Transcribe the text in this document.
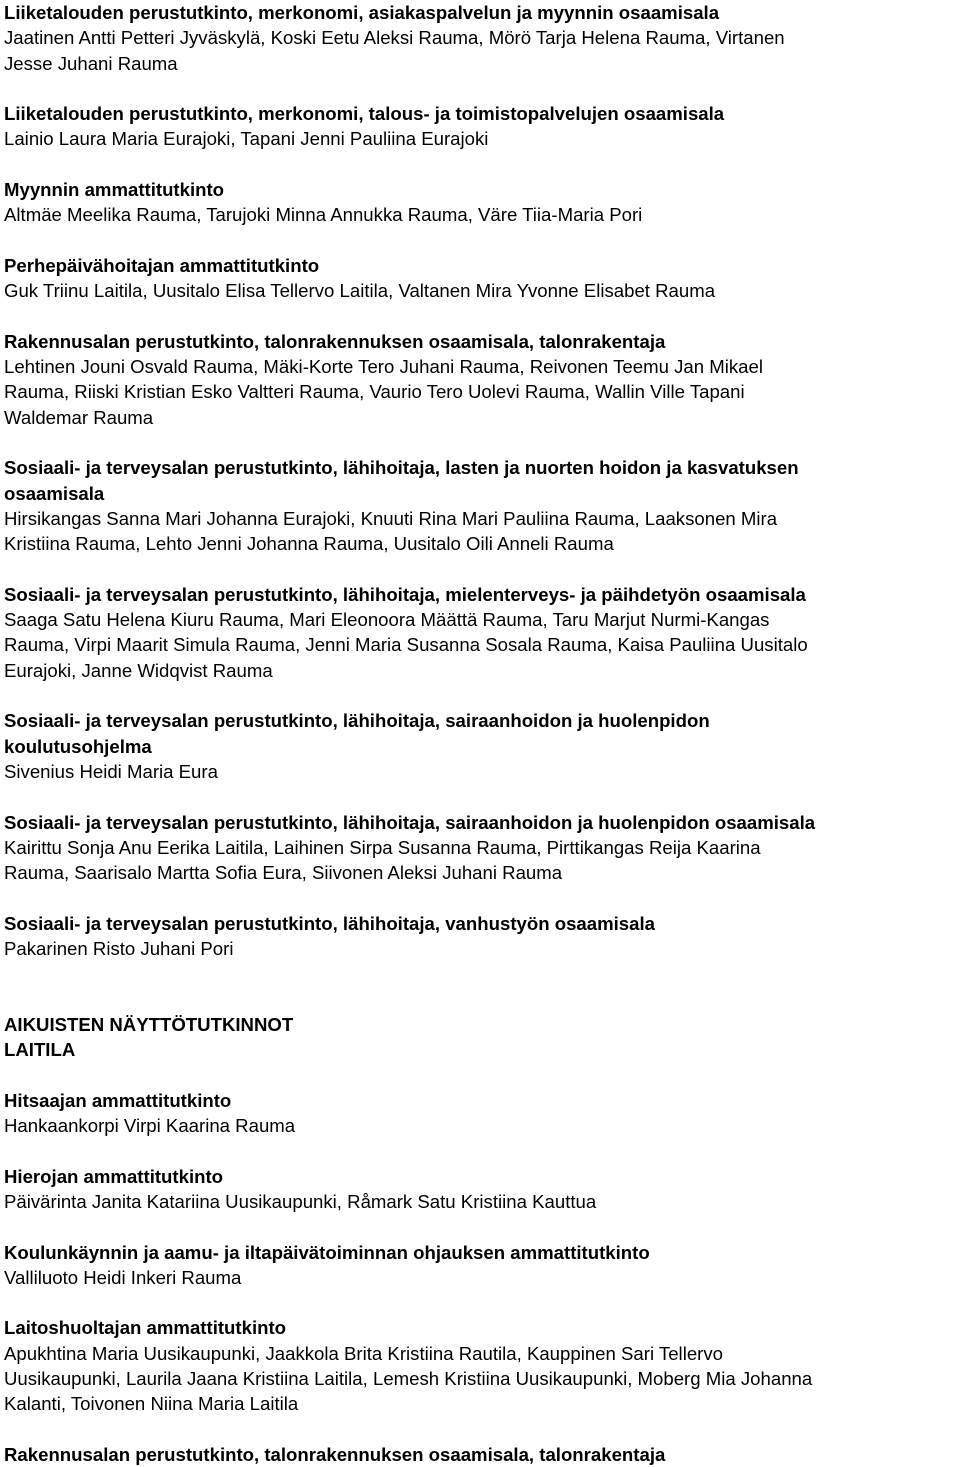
Liiketalouden perustutkinto, merkonomi, asiakaspalvelun ja myynnin osaamisala
Jaatinen Antti Petteri Jyväskylä, Koski Eetu Aleksi Rauma, Mörö Tarja Helena Rauma, Virtanen
Jesse Juhani Rauma
Liiketalouden perustutkinto, merkonomi, talous- ja toimistopalvelujen osaamisala
Lainio Laura Maria Eurajoki, Tapani Jenni Pauliina Eurajoki
Myynnin ammattitutkinto
Altmäe Meelika Rauma, Tarujoki Minna Annukka Rauma, Väre Tiia-Maria Pori
Perhepäivähoitajan ammattitutkinto
Guk Triinu Laitila, Uusitalo Elisa Tellervo Laitila, Valtanen Mira Yvonne Elisabet Rauma
Rakennusalan perustutkinto, talonrakennuksen osaamisala, talonrakentaja
Lehtinen Jouni Osvald Rauma, Mäki-Korte Tero Juhani Rauma, Reivonen Teemu Jan Mikael
Rauma, Riiski Kristian Esko Valtteri Rauma, Vaurio Tero Uolevi Rauma, Wallin Ville Tapani
Waldemar Rauma
Sosiaali- ja terveysalan perustutkinto, lähihoitaja, lasten ja nuorten hoidon ja kasvatuksen
osaamisala
Hirsikangas Sanna Mari Johanna Eurajoki, Knuuti Rina Mari Pauliina Rauma, Laaksonen Mira
Kristiina Rauma, Lehto Jenni Johanna Rauma, Uusitalo Oili Anneli Rauma
Sosiaali- ja terveysalan perustutkinto, lähihoitaja, mielenterveys- ja päihdetyön osaamisala
Saaga Satu Helena Kiuru Rauma, Mari Eleonoora Määttä Rauma, Taru Marjut Nurmi-Kangas
Rauma, Virpi Maarit Simula Rauma, Jenni Maria Susanna Sosala Rauma, Kaisa Pauliina Uusitalo
Eurajoki, Janne Widqvist Rauma
Sosiaali- ja terveysalan perustutkinto, lähihoitaja, sairaanhoidon ja huolenpidon
koulutusohjelma
Sivenius Heidi Maria Eura
Sosiaali- ja terveysalan perustutkinto, lähihoitaja, sairaanhoidon ja huolenpidon osaamisala
Kairittu Sonja Anu Eerika Laitila, Laihinen Sirpa Susanna Rauma, Pirttikangas Reija Kaarina
Rauma, Saarisalo Martta Sofia Eura, Siivonen Aleksi Juhani Rauma
Sosiaali- ja terveysalan perustutkinto, lähihoitaja, vanhustyön osaamisala
Pakarinen Risto Juhani Pori
AIKUISTEN NÄYTTÖTUTKINNOT
LAITILA
Hitsaajan ammattitutkinto
Hankaankorpi Virpi Kaarina Rauma
Hierojan ammattitutkinto
Päivärinta Janita Katariina Uusikaupunki, Råmark Satu Kristiina Kauttua
Koulunkäynnin ja aamu- ja iltapäivätoiminnan ohjauksen ammattitutkinto
Valliluoto Heidi Inkeri Rauma
Laitoshuoltajan ammattitutkinto
Apukhtina Maria Uusikaupunki, Jaakkola Brita Kristiina Rautila, Kauppinen Sari Tellervo
Uusikaupunki, Laurila Jaana Kristiina Laitila, Lemesh Kristiina Uusikaupunki, Moberg Mia Johanna
Kalanti, Toivonen Niina Maria Laitila
Rakennusalan perustutkinto, talonrakennuksen osaamisala, talonrakentaja
